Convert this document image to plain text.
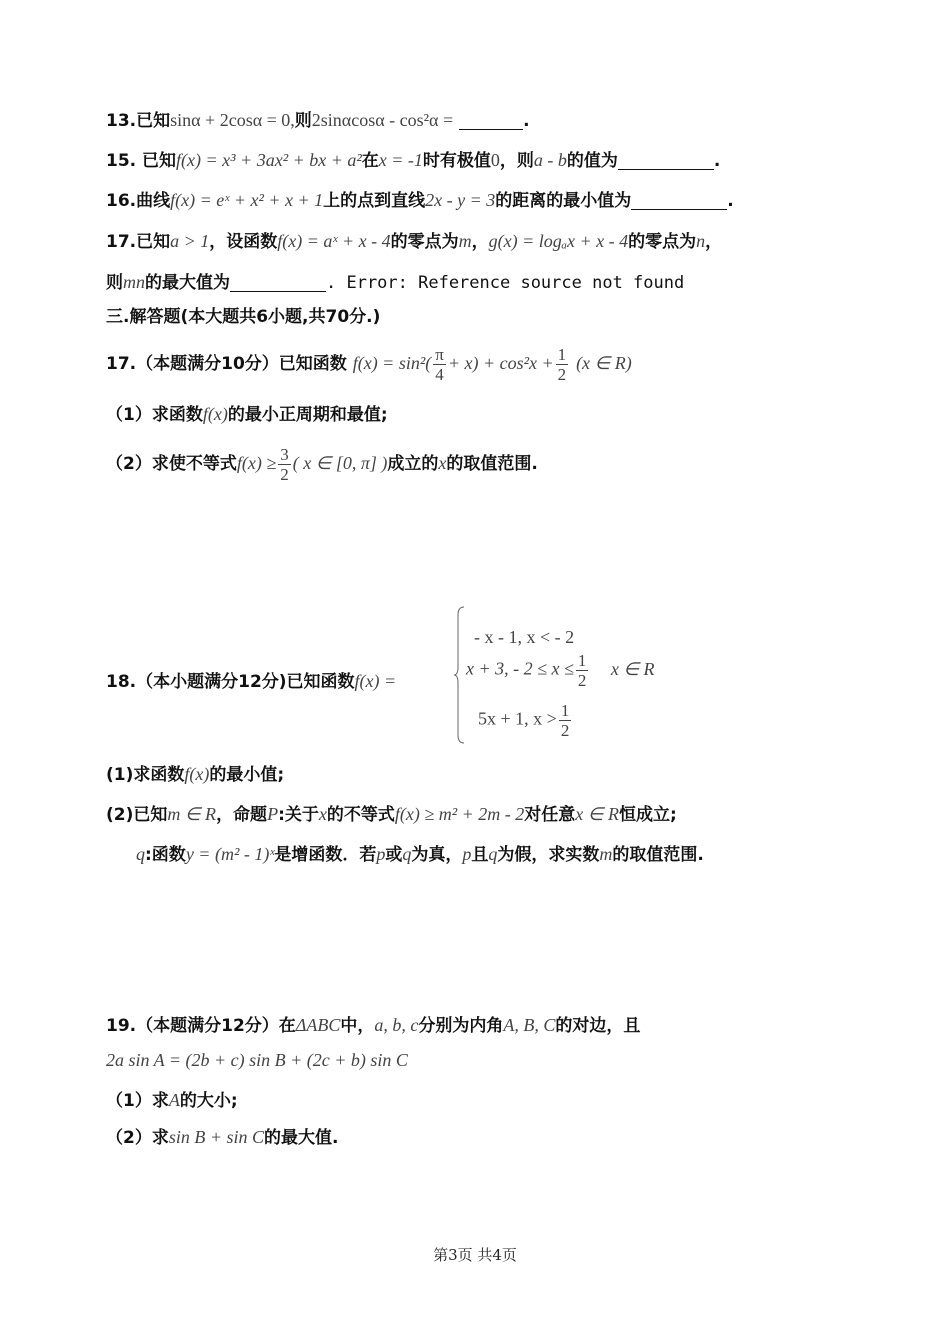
13.已知sinα + 2cosα = 0,则2sinαcosα - cos²α =	.
15. 已知f(x) = x³ + 3ax² + bx + a²在x = -1时有极值0，则a - b的值为	.
16.曲线f(x) = eˣ + x² + x + 1上的点到直线2x - y = 3的距离的最小值为	.
17.已知a > 1，设函数f(x) = aˣ + x - 4的零点为m，g(x) = logₐx + x - 4的零点为n，
则mn的最大值为	. Error: Reference source not found
三.解答题(本大题共6小题,共70分.)
17.（本题满分10分）已知函数 $f(x) = \sin^2( \frac{\pi}{4} + x) + \cos^2x + \frac{1}{2} (x$ ∈ R)
（1）求函数f(x)的最小正周期和最值;
（2）求使不等式$f(x) \ge \frac{3}{2}$ ( x ∈ [0, π] )成立的x的取值范围.
18.（本小题满分12分)已知函数f(x) =
- x - 1, x < - 2
x + 3, - $2 \le x \le \frac{1}{2}$ x ∈ R
5x + 1, $x > \frac{1}{2}$
(1)求函数f(x)的最小值;
(2)已知m ∈ R，命题P:关于x的不等式f(x) ≥ m² + 2m - 2对任意x ∈ R恒成立;
q:函数y = (m² - 1)ˣ是增函数．若p或q为真，p且q为假，求实数m的取值范围.
19.（本题满分12分）在ΔABC中，a, b, c分别为内角A, B, C的对边，且
2a sin A = (2b + c) sin B + (2c + b) sin C
（1）求A的大小;
（2）求sin B + sin C的最大值.
第3页 共4页
